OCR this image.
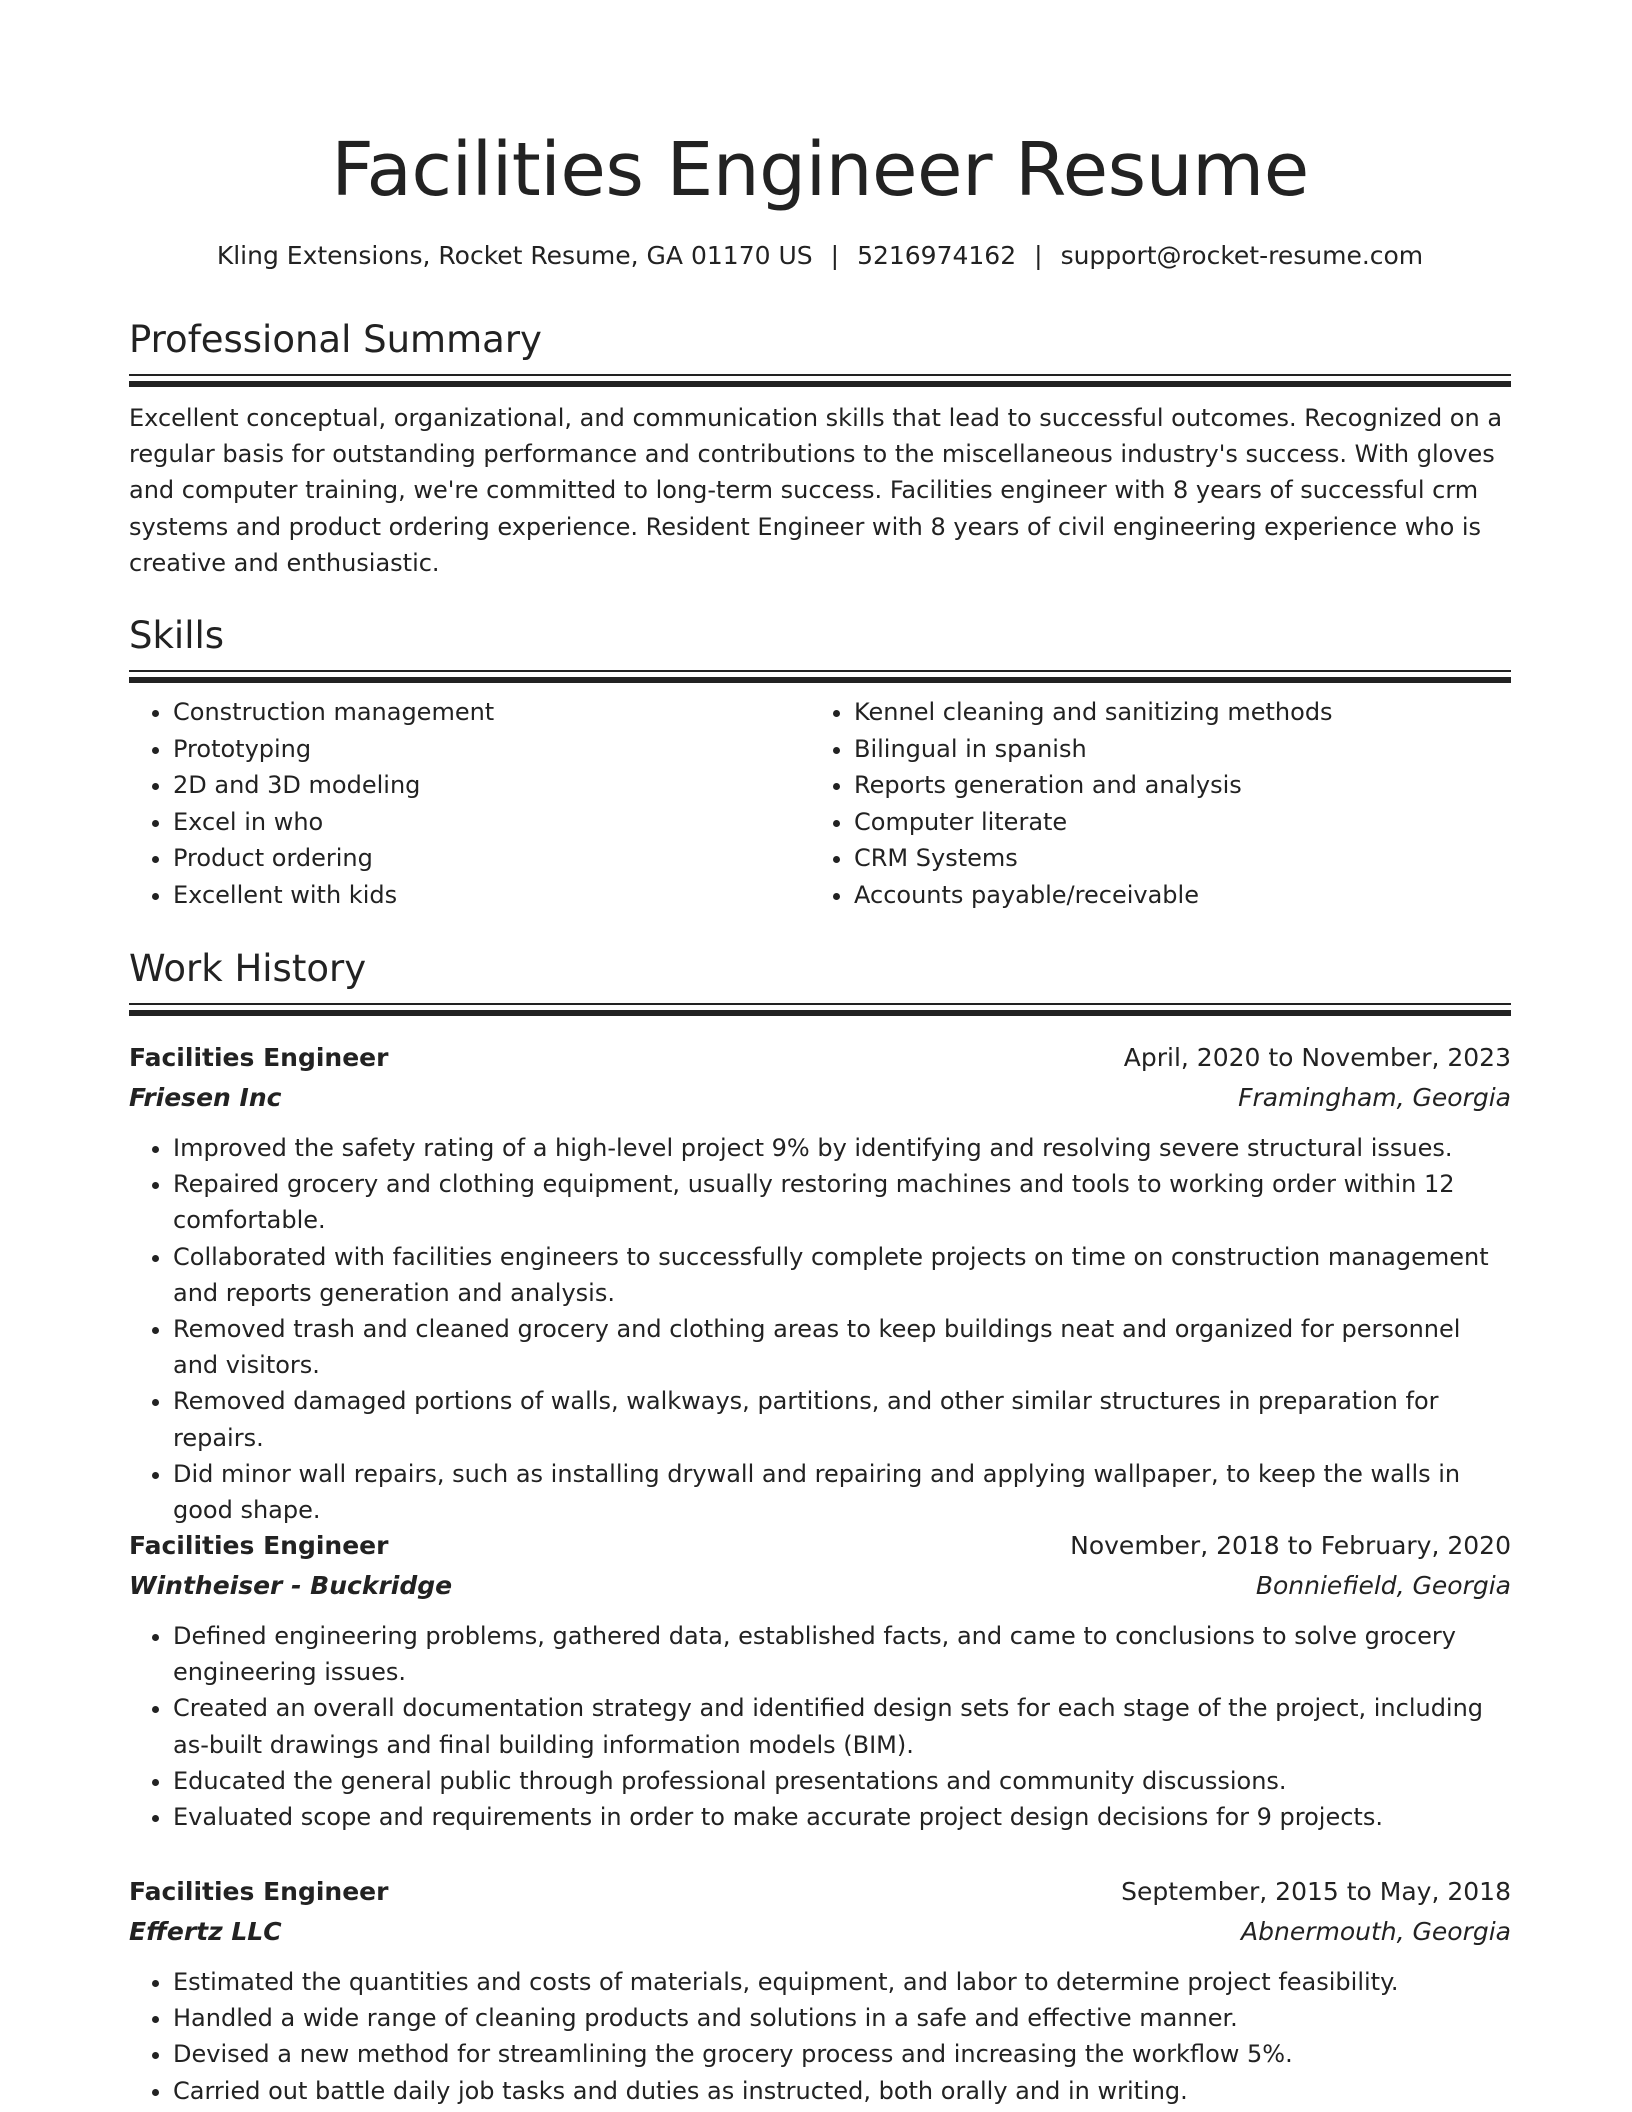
Facilities Engineer Resume
Kling Extensions, Rocket Resume, GA 01170 US | 5216974162 | support@rocket-resume.com
Professional Summary
Excellent conceptual, organizational, and communication skills that lead to successful outcomes. Recognized on a regular basis for outstanding performance and contributions to the miscellaneous industry's success. With gloves and computer training, we're committed to long-term success. Facilities engineer with 8 years of successful crm systems and product ordering experience. Resident Engineer with 8 years of civil engineering experience who is creative and enthusiastic.
Skills
• Construction management
• Prototyping
• 2D and 3D modeling
• Excel in who
• Product ordering
• Excellent with kids
• Kennel cleaning and sanitizing methods
• Bilingual in spanish
• Reports generation and analysis
• Computer literate
• CRM Systems
• Accounts payable/receivable
Work History
Facilities Engineer	April, 2020 to November, 2023
Friesen Inc	Framingham, Georgia
• Improved the safety rating of a high-level project 9% by identifying and resolving severe structural issues.
• Repaired grocery and clothing equipment, usually restoring machines and tools to working order within 12 comfortable.
• Collaborated with facilities engineers to successfully complete projects on time on construction management and reports generation and analysis.
• Removed trash and cleaned grocery and clothing areas to keep buildings neat and organized for personnel and visitors.
• Removed damaged portions of walls, walkways, partitions, and other similar structures in preparation for repairs.
• Did minor wall repairs, such as installing drywall and repairing and applying wallpaper, to keep the walls in good shape.
Facilities Engineer	November, 2018 to February, 2020
Wintheiser - Buckridge	Bonniefield, Georgia
• Defined engineering problems, gathered data, established facts, and came to conclusions to solve grocery engineering issues.
• Created an overall documentation strategy and identified design sets for each stage of the project, including as-built drawings and final building information models (BIM).
• Educated the general public through professional presentations and community discussions.
• Evaluated scope and requirements in order to make accurate project design decisions for 9 projects.
Facilities Engineer	September, 2015 to May, 2018
Effertz LLC	Abnermouth, Georgia
• Estimated the quantities and costs of materials, equipment, and labor to determine project feasibility.
• Handled a wide range of cleaning products and solutions in a safe and effective manner.
• Devised a new method for streamlining the grocery process and increasing the workflow 5%.
• Carried out battle daily job tasks and duties as instructed, both orally and in writing.
